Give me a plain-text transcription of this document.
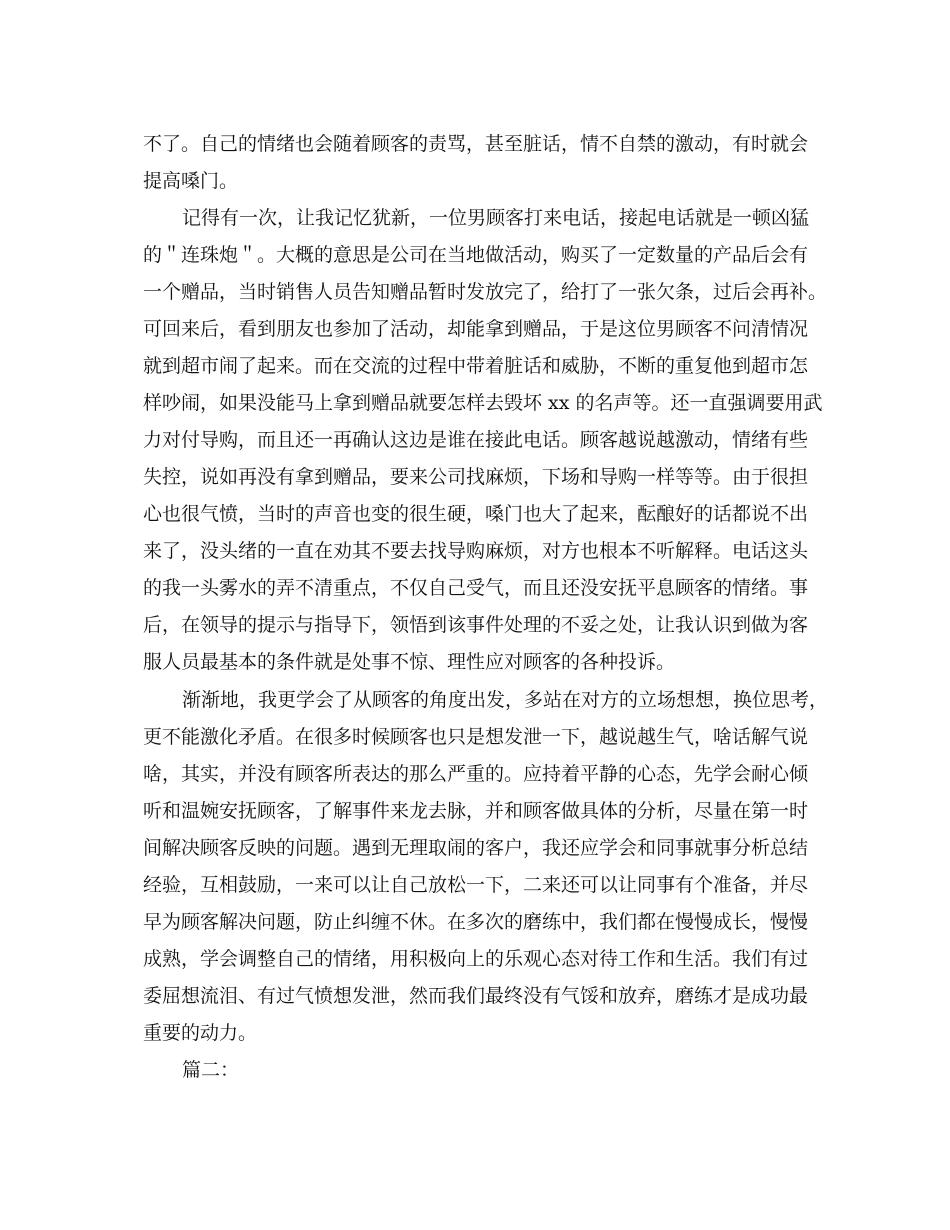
不了。自己的情绪也会随着顾客的责骂，甚至脏话，情不自禁的激动，有时就会

提高嗓门。

记得有一次，让我记忆犹新，一位男顾客打来电话，接起电话就是一顿凶猛

的＂连珠炮＂。大概的意思是公司在当地做活动，购买了一定数量的产品后会有

一个赠品，当时销售人员告知赠品暂时发放完了，给打了一张欠条，过后会再补。

可回来后，看到朋友也参加了活动，却能拿到赠品，于是这位男顾客不问清情况

就到超市闹了起来。而在交流的过程中带着脏话和威胁，不断的重复他到超市怎

样吵闹，如果没能马上拿到赠品就要怎样去毁坏 xx 的名声等。还一直强调要用武

力对付导购，而且还一再确认这边是谁在接此电话。顾客越说越激动，情绪有些

失控，说如再没有拿到赠品，要来公司找麻烦，下场和导购一样等等。由于很担

心也很气愤，当时的声音也变的很生硬，嗓门也大了起来，酝酿好的话都说不出

来了，没头绪的一直在劝其不要去找导购麻烦，对方也根本不听解释。电话这头

的我一头雾水的弄不清重点，不仅自己受气，而且还没安抚平息顾客的情绪。事

后，在领导的提示与指导下，领悟到该事件处理的不妥之处，让我认识到做为客

服人员最基本的条件就是处事不惊、理性应对顾客的各种投诉。

渐渐地，我更学会了从顾客的角度出发，多站在对方的立场想想，换位思考，

更不能激化矛盾。在很多时候顾客也只是想发泄一下，越说越生气，啥话解气说

啥，其实，并没有顾客所表达的那么严重的。应持着平静的心态，先学会耐心倾

听和温婉安抚顾客，了解事件来龙去脉，并和顾客做具体的分析，尽量在第一时

间解决顾客反映的问题。遇到无理取闹的客户，我还应学会和同事就事分析总结

经验，互相鼓励，一来可以让自己放松一下，二来还可以让同事有个准备，并尽

早为顾客解决问题，防止纠缠不休。在多次的磨练中，我们都在慢慢成长，慢慢

成熟，学会调整自己的情绪，用积极向上的乐观心态对待工作和生活。我们有过

委屈想流泪、有过气愤想发泄，然而我们最终没有气馁和放弃，磨练才是成功最

重要的动力。

篇二：
